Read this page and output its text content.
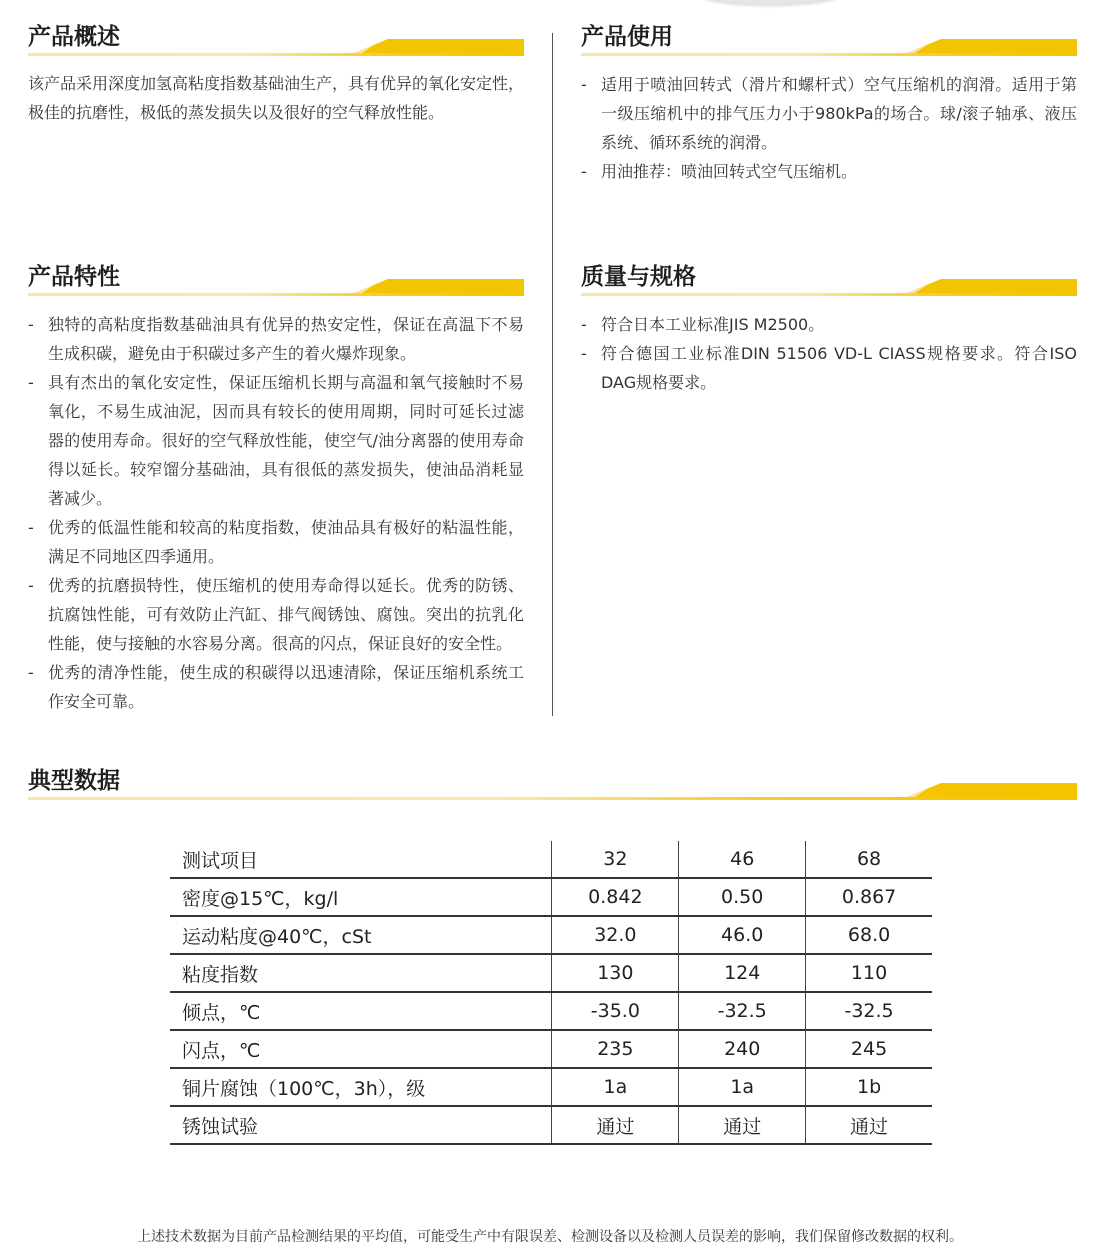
产品概述

该产品采用深度加氢高粘度指数基础油生产，具有优异的氧化安定性，极佳的抗磨性，极低的蒸发损失以及很好的空气释放性能。

产品使用
- 适用于喷油回转式（滑片和螺杆式）空气压缩机的润滑。适用于第一级压缩机中的排气压力小于980kPa的场合。球/滚子轴承、液压系统、循环系统的润滑。
- 用油推荐：喷油回转式空气压缩机。
产品特性
- 独特的高粘度指数基础油具有优异的热安定性，保证在高温下不易生成积碳，避免由于积碳过多产生的着火爆炸现象。
- 具有杰出的氧化安定性，保证压缩机长期与高温和氧气接触时不易氧化，不易生成油泥，因而具有较长的使用周期，同时可延长过滤器的使用寿命。很好的空气释放性能，使空气/油分离器的使用寿命得以延长。较窄馏分基础油，具有很低的蒸发损失，使油品消耗显著减少。
- 优秀的低温性能和较高的粘度指数，使油品具有极好的粘温性能，满足不同地区四季通用。
- 优秀的抗磨损特性，使压缩机的使用寿命得以延长。优秀的防锈、抗腐蚀性能，可有效防止汽缸、排气阀锈蚀、腐蚀。突出的抗乳化性能，使与接触的水容易分离。很高的闪点，保证良好的安全性。
- 优秀的清净性能，使生成的积碳得以迅速清除，保证压缩机系统工作安全可靠。
质量与规格
- 符合日本工业标准JIS M2500。
- 符合德国工业标准DIN 51506 VD-L CIASS规格要求。符合ISO DAG规格要求。
典型数据
测试项目	32	46	68
密度@15℃，kg/l	0.842	0.50	0.867
运动粘度@40℃，cSt	32.0	46.0	68.0
粘度指数	130	124	110
倾点，℃	-35.0	-32.5	-32.5
闪点，℃	235	240	245
铜片腐蚀（100℃，3h），级	1a	1a	1b
锈蚀试验	通过	通过	通过
上述技术数据为目前产品检测结果的平均值，可能受生产中有限误差、检测设备以及检测人员误差的影响，我们保留修改数据的权利。
